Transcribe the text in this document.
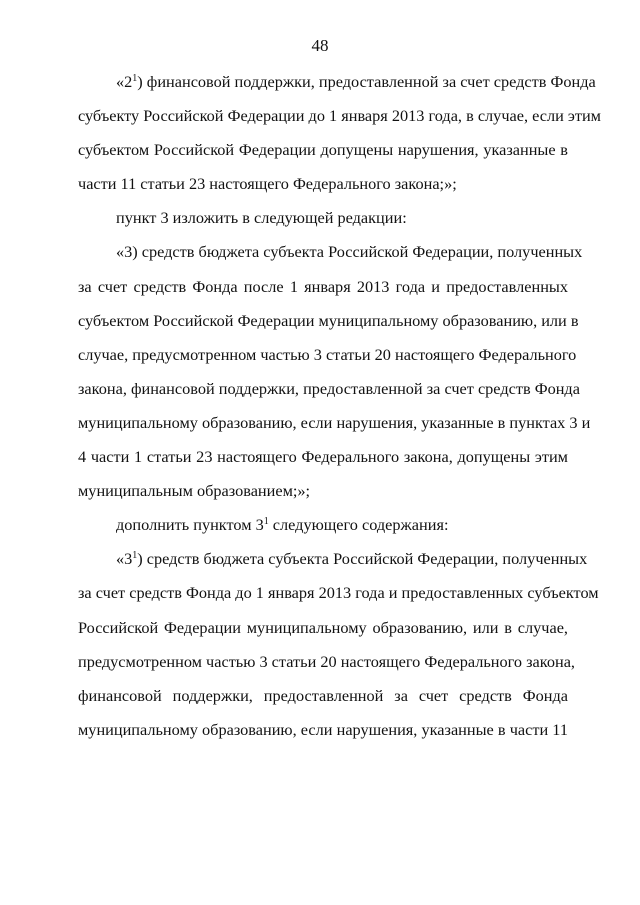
48
«$2^1$) финансовой поддержки, предоставленной за счет средств Фонда
субъекту Российской Федерации до 1 января 2013 года, в случае, если этим
субъектом Российской Федерации допущены нарушения, указанные в
части 11 статьи 23 настоящего Федерального закона;»;
пункт 3 изложить в следующей редакции:
«3) средств бюджета субъекта Российской Федерации, полученных
за счет средств Фонда после 1 января 2013 года и предоставленных
субъектом Российской Федерации муниципальному образованию, или в
случае, предусмотренном частью 3 статьи 20 настоящего Федерального
закона, финансовой поддержки, предоставленной за счет средств Фонда
муниципальному образованию, если нарушения, указанные в пунктах 3 и
4 части 1 статьи 23 настоящего Федерального закона, допущены этим
муниципальным образованием;»;
дополнить пунктом $3^1$ следующего содержания:
«$3^1$) средств бюджета субъекта Российской Федерации, полученных
за счет средств Фонда до 1 января 2013 года и предоставленных субъектом
Российской Федерации муниципальному образованию, или в случае,
предусмотренном частью 3 статьи 20 настоящего Федерального закона,
финансовой поддержки, предоставленной за счет средств Фонда
муниципальному образованию, если нарушения, указанные в части 11
